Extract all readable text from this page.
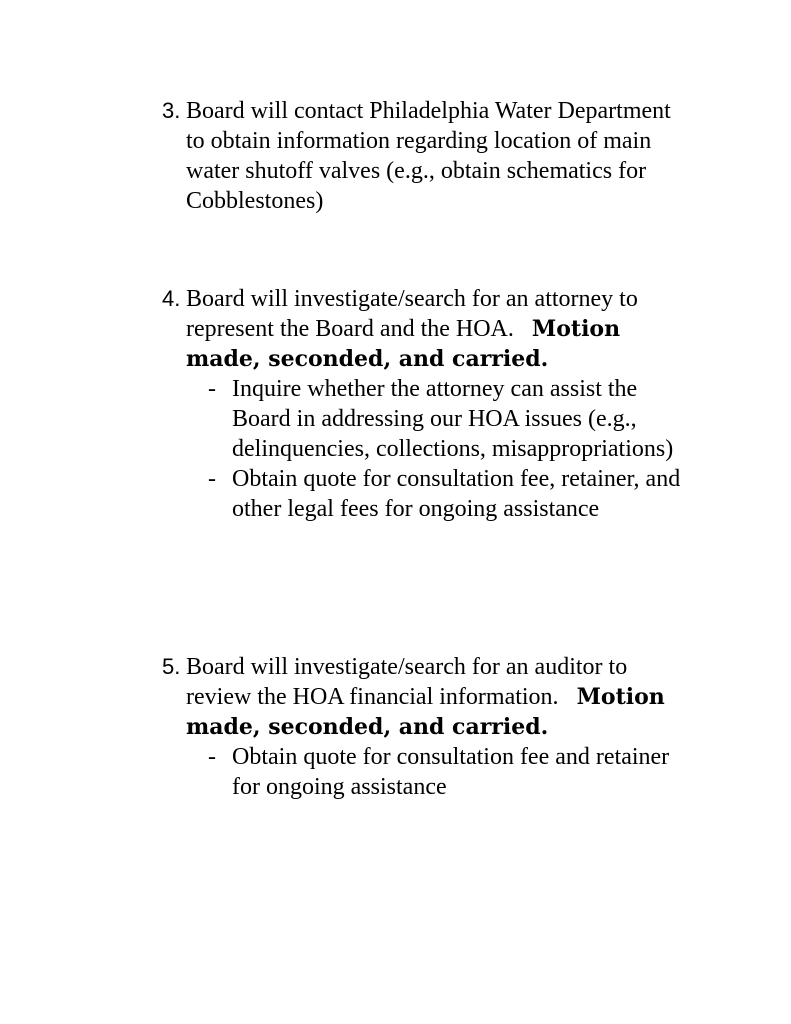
3. Board will contact Philadelphia Water Department to obtain information regarding location of main water shutoff valves (e.g., obtain schematics for Cobblestones)
4. Board will investigate/search for an attorney to represent the Board and the HOA. Motion made, seconded, and carried.
- Inquire whether the attorney can assist the Board in addressing our HOA issues (e.g., delinquencies, collections, misappropriations)
- Obtain quote for consultation fee, retainer, and other legal fees for ongoing assistance
5. Board will investigate/search for an auditor to review the HOA financial information. Motion made, seconded, and carried.
- Obtain quote for consultation fee and retainer for ongoing assistance
